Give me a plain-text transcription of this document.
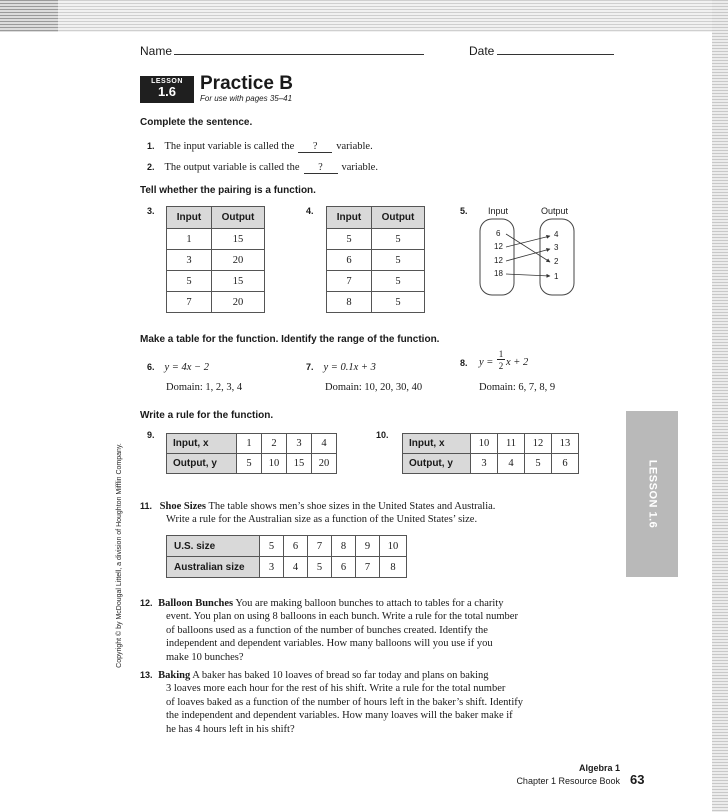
Name	Date
LESSON
1.6	Practice B
For use with pages 35–41
Complete the sentence.
1. The input variable is called the ? variable.
2. The output variable is called the ? variable.
Tell whether the pairing is a function.
3.
Input	Output
1	15
3	20
5	15
7	20
4.
Input	Output
5	5
6	5
7	5
8	5
5. Input	Output
6
12
12
18
4
3
2
1
Make a table for the function. Identify the range of the function.
6. y = 4x − 2
Domain: 1, 2, 3, 4
7. y = 0.1x + 3
Domain: 10, 20, 30, 40
8. y =
1
2 x + 2
Domain: 6, 7, 8, 9
Write a rule for the function.
9.
Input, x	1	2	3	4
Output, y	5	10	15	20
10.
Input, x	10	11	12	13
Output, y	3	4	5	6
11. Shoe Sizes The table shows men’s shoe sizes in the United States and Australia.
Write a rule for the Australian size as a function of the United States’ size.
U.S. size	5	6	7	8	9	10
Australian size	3	4	5	6	7	8
12. Balloon Bunches You are making balloon bunches to attach to tables for a charity
event. You plan on using 8 balloons in each bunch. Write a rule for the total number
of balloons used as a function of the number of bunches created. Identify the
independent and dependent variables. How many balloons will you use if you
make 10 bunches?
13. Baking A baker has baked 10 loaves of bread so far today and plans on baking
3 loaves more each hour for the rest of his shift. Write a rule for the total number
of loaves baked as a function of the number of hours left in the baker’s shift. Identify
the independent and dependent variables. How many loaves will the baker make if
he has 4 hours left in his shift?
LESSON 1.6
Copyright © by McDougal Littell, a division of Houghton Mifflin Company.
Algebra 1
Chapter 1 Resource Book 63
